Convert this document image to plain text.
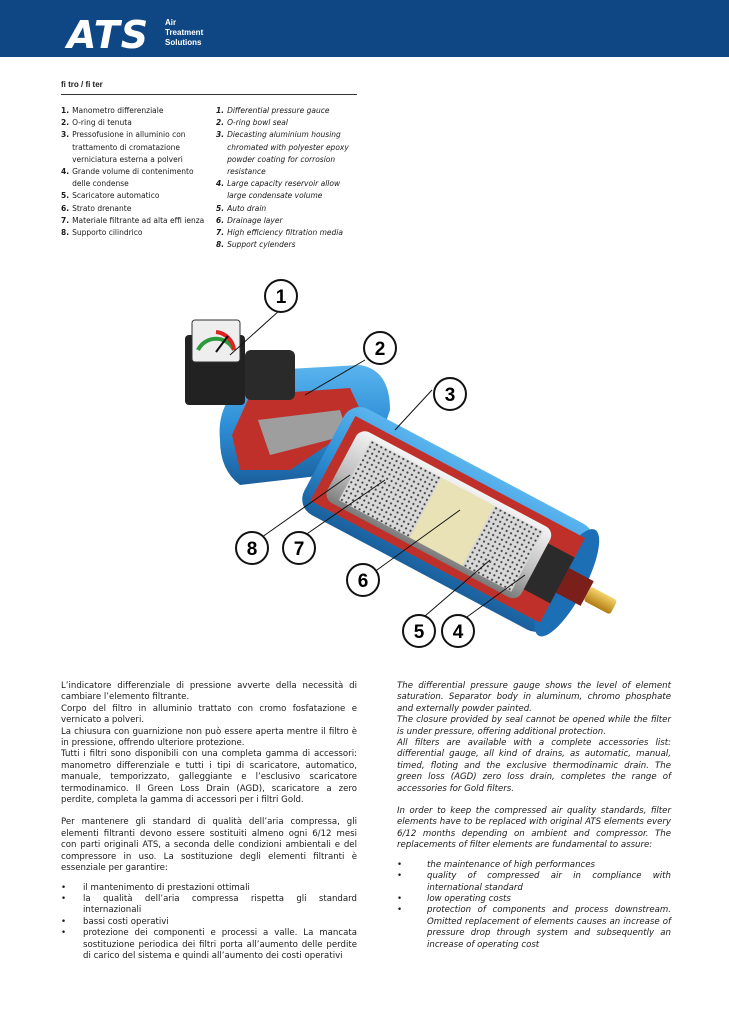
ATS Air
Treatment
Solutions
fi tro / fi ter
1. Manometro differenziale
2. O-ring di tenuta
3. Pressofusione in alluminio con
trattamento di cromatazione
verniciatura esterna a polveri
4. Grande volume di contenimento
delle condense
5. Scaricatore automatico
6. Strato drenante
7. Materiale filtrante ad alta effi ienza
8. Supporto cilindrico
1. Differential pressure gauce
2. O-ring bowl seal
3. Diecasting aluminium housing
chromated with polyester epoxy
powder coating for corrosion
resistance
4. Large capacity reservoir allow
large condensate volume
5. Auto drain
6. Drainage layer
7. High efficiency filtration media
8. Support cylenders
1
2
3
4
5
6
7
8

L’indicatore differenziale di pressione avverte della necessità di cambiare l’elemento filtrante.

Corpo del filtro in alluminio trattato con cromo fosfatazione e vernicato a polveri.

La chiusura con guarnizione non può essere aperta mentre il filtro è in pressione, offrendo ulteriore protezione.

Tutti i filtri sono disponibili con una completa gamma di accessori: manometro differenziale e tutti i tipi di scaricatore, automatico, manuale, temporizzato, galleggiante e l’esclusivo scaricatore termodinamico. Il Green Loss Drain (AGD), scaricatore a zero perdite, completa la gamma di accessori per i filtri Gold.

Per mantenere gli standard di qualità dell’aria compressa, gli elementi filtranti devono essere sostituiti almeno ogni 6/12 mesi con parti originali ATS, a seconda delle condizioni ambientali e del compressore in uso. La sostituzione degli elementi filtranti è essenziale per garantire:

• il mantenimento di prestazioni ottimali
• la qualità dell’aria compressa rispetta gli standard internazionali
• bassi costi operativi
• protezione dei componenti e processi a valle. La mancata sostituzione periodica dei filtri porta all’aumento delle perdite di carico del sistema e quindi all’aumento dei costi operativi

The differential pressure gauge shows the level of element saturation. Separator body in aluminum, chromo phosphate and externally powder painted.

The closure provided by seal cannot be opened while the filter is under pressure, offering additional protection.

All filters are available with a complete accessories list: differential gauge, all kind of drains, as automatic, manual, timed, floting and the exclusive thermodinamic drain. The green loss (AGD) zero loss drain, completes the range of accessories for Gold filters.

In order to keep the compressed air quality standards, filter elements have to be replaced with original ATS elements every 6/12 months depending on ambient and compressor. The replacements of filter elements are fundamental to assure:

•	the maintenance of high performances
•	quality of compressed air in compliance with international standard
•	low operating costs
•	protection of components and process downstream. Omitted replacement of elements causes an increase of pressure drop through system and subsequently an increase of operating cost
